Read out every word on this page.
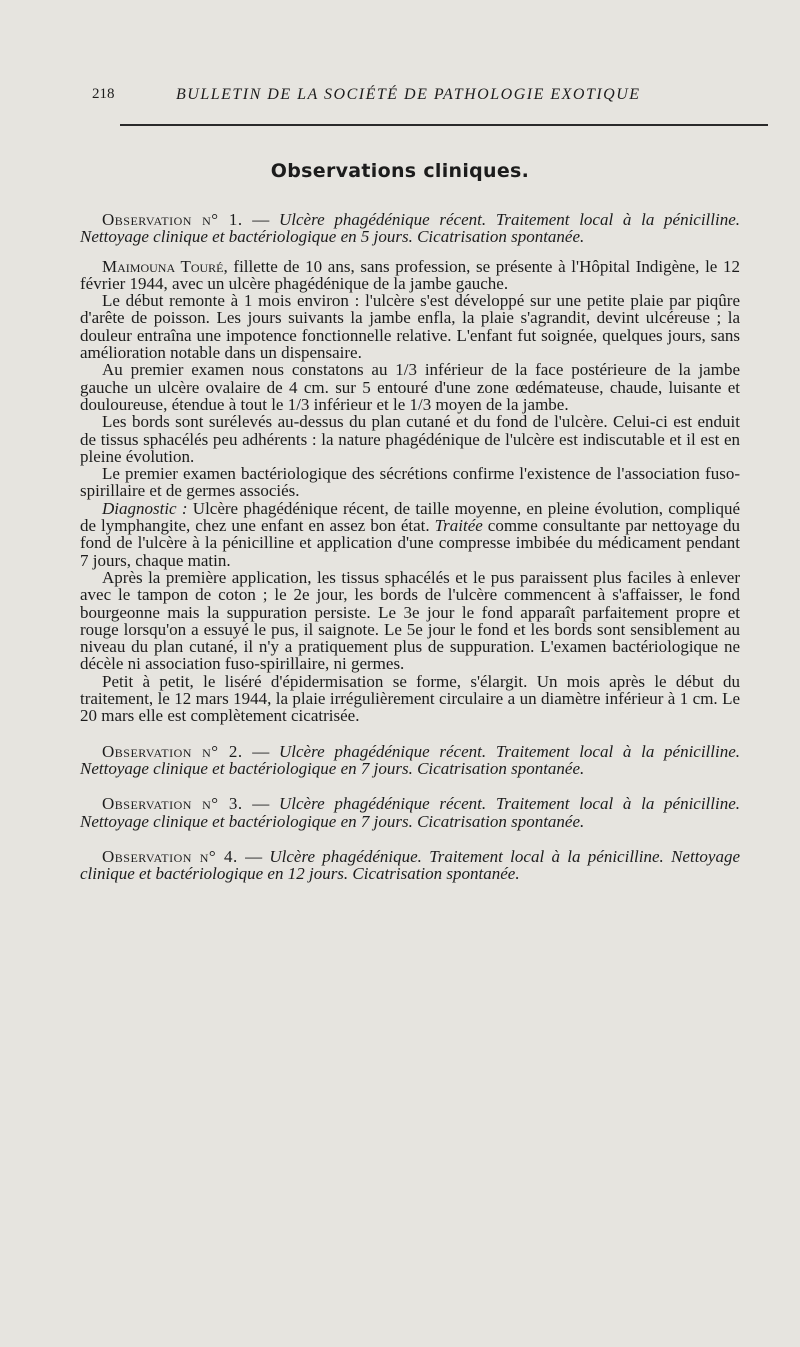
218	BULLETIN DE LA SOCIÉTÉ DE PATHOLOGIE EXOTIQUE
Observations cliniques.

Observation n° 1. — Ulcère phagédénique récent. Traitement local à la pénicilline. Nettoyage clinique et bactériologique en 5 jours. Cicatrisation spontanée.

Maimouna Touré, fillette de 10 ans, sans profession, se présente à l'Hôpital Indigène, le 12 février 1944, avec un ulcère phagédénique de la jambe gauche.

Le début remonte à 1 mois environ : l'ulcère s'est développé sur une petite plaie par piqûre d'arête de poisson. Les jours suivants la jambe enfla, la plaie s'agrandit, devint ulcéreuse ; la douleur entraîna une impotence fonctionnelle relative. L'enfant fut soignée, quelques jours, sans amélioration notable dans un dispensaire.

Au premier examen nous constatons au 1/3 inférieur de la face postérieure de la jambe gauche un ulcère ovalaire de 4 cm. sur 5 entouré d'une zone œdémateuse, chaude, luisante et douloureuse, étendue à tout le 1/3 inférieur et le 1/3 moyen de la jambe.

Les bords sont surélevés au-dessus du plan cutané et du fond de l'ulcère. Celui-ci est enduit de tissus sphacélés peu adhérents : la nature phagédénique de l'ulcère est indiscutable et il est en pleine évolution.

Le premier examen bactériologique des sécrétions confirme l'existence de l'association fuso-spirillaire et de germes associés.

Diagnostic : Ulcère phagédénique récent, de taille moyenne, en pleine évolution, compliqué de lymphangite, chez une enfant en assez bon état. Traitée comme consultante par nettoyage du fond de l'ulcère à la pénicilline et application d'une compresse imbibée du médicament pendant 7 jours, chaque matin.

Après la première application, les tissus sphacélés et le pus paraissent plus faciles à enlever avec le tampon de coton ; le 2e jour, les bords de l'ulcère commencent à s'affaisser, le fond bourgeonne mais la suppuration persiste. Le 3e jour le fond apparaît parfaitement propre et rouge lorsqu'on a essuyé le pus, il saignote. Le 5e jour le fond et les bords sont sensiblement au niveau du plan cutané, il n'y a pratiquement plus de suppuration. L'examen bactériologique ne décèle ni association fuso-spirillaire, ni germes.

Petit à petit, le liséré d'épidermisation se forme, s'élargit. Un mois après le début du traitement, le 12 mars 1944, la plaie irrégulièrement circulaire a un diamètre inférieur à 1 cm. Le 20 mars elle est complètement cicatrisée.

Observation n° 2. — Ulcère phagédénique récent. Traitement local à la pénicilline. Nettoyage clinique et bactériologique en 7 jours. Cicatrisation spontanée.

Observation n° 3. — Ulcère phagédénique récent. Traitement local à la pénicilline. Nettoyage clinique et bactériologique en 7 jours. Cicatrisation spontanée.

Observation n° 4. — Ulcère phagédénique. Traitement local à la pénicilline. Nettoyage clinique et bactériologique en 12 jours. Cicatrisation spontanée.
